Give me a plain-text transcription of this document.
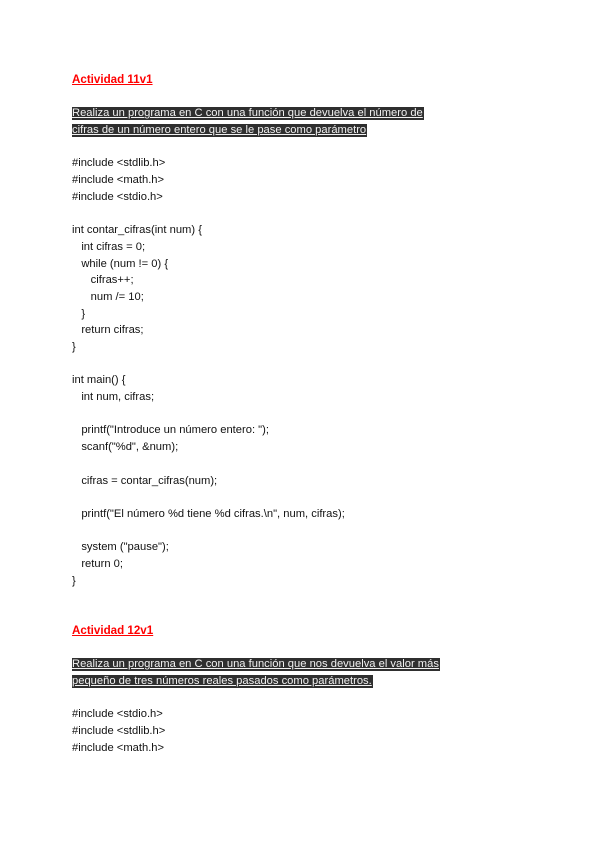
Actividad 11v1
Realiza un programa en C con una función que devuelva el número de
cifras de un número entero que se le pase como parámetro
#include <stdlib.h>
#include <math.h>
#include <stdio.h>
int contar_cifras(int num) {
int cifras = 0;
while (num != 0) {
cifras++;
num /= 10;
}
return cifras;
}
int main() {
int num, cifras;
printf("Introduce un número entero: ");
scanf("%d", &num);
cifras = contar_cifras(num);
printf("El número %d tiene %d cifras.\n", num, cifras);
system ("pause");
return 0;
}
Actividad 12v1
Realiza un programa en C con una función que nos devuelva el valor más
pequeño de tres números reales pasados como parámetros.
#include <stdio.h>
#include <stdlib.h>
#include <math.h>
